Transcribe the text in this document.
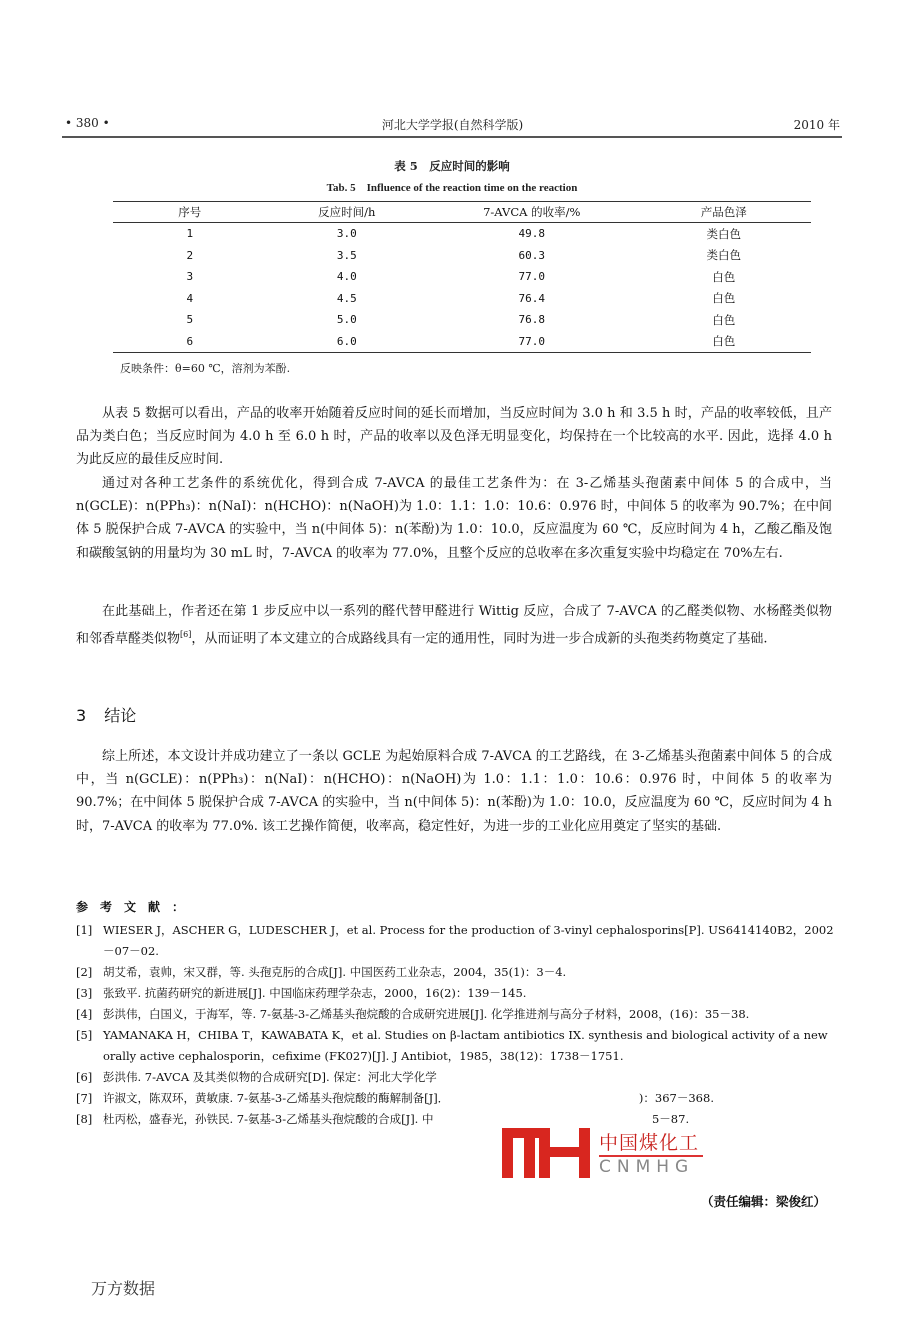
• 380 •	河北大学学报(自然科学版)	2010 年
表 5　反应时间的影响
Tab. 5　Influence of the reaction time on the reaction
序号	反应时间/h	7-AVCA 的收率/%	产品色泽
1	3.0	49.8	类白色
2	3.5	60.3	类白色
3	4.0	77.0	白色
4	4.5	76.4	白色
5	5.0	76.8	白色
6	6.0	77.0	白色
反映条件：θ=60 ℃，溶剂为苯酚.

从表 5 数据可以看出，产品的收率开始随着反应时间的延长而增加，当反应时间为 3.0 h 和 3.5 h 时，产品的收率较低，且产品为类白色；当反应时间为 4.0 h 至 6.0 h 时，产品的收率以及色泽无明显变化，均保持在一个比较高的水平. 因此，选择 4.0 h 为此反应的最佳反应时间.

通过对各种工艺条件的系统优化，得到合成 7-AVCA 的最佳工艺条件为：在 3-乙烯基头孢菌素中间体 5 的合成中，当 n(GCLE)：n(PPh₃)：n(NaI)：n(HCHO)：n(NaOH)为 1.0：1.1：1.0：10.6：0.976 时，中间体 5 的收率为 90.7%；在中间体 5 脱保护合成 7-AVCA 的实验中，当 n(中间体 5)：n(苯酚)为 1.0：10.0，反应温度为 60 ℃，反应时间为 4 h，乙酸乙酯及饱和碳酸氢钠的用量均为 30 mL 时，7-AVCA 的收率为 77.0%，且整个反应的总收率在多次重复实验中均稳定在 70%左右.

在此基础上，作者还在第 1 步反应中以一系列的醛代替甲醛进行 Wittig 反应，合成了 7-AVCA 的乙醛类似物、水杨醛类似物和邻香草醛类似物[6]，从而证明了本文建立的合成路线具有一定的通用性，同时为进一步合成新的头孢类药物奠定了基础.

3 结论

综上所述，本文设计并成功建立了一条以 GCLE 为起始原料合成 7-AVCA 的工艺路线，在 3-乙烯基头孢菌素中间体 5 的合成中，当 n(GCLE)：n(PPh₃)：n(NaI)：n(HCHO)：n(NaOH)为 1.0：1.1：1.0：10.6：0.976 时，中间体 5 的收率为 90.7%；在中间体 5 脱保护合成 7-AVCA 的实验中，当 n(中间体 5)：n(苯酚)为 1.0：10.0，反应温度为 60 ℃，反应时间为 4 h 时，7-AVCA 的收率为 77.0%. 该工艺操作简便，收率高，稳定性好，为进一步的工业化应用奠定了坚实的基础.

参考文献：
[1] WIESER J，ASCHER G，LUDESCHER J，et al. Process for the production of 3-vinyl cephalosporins[P]. US6414140B2，2002－07－02.
[2] 胡艾希，袁帅，宋又群，等. 头孢克肟的合成[J]. 中国医药工业杂志，2004，35(1)：3－4.
[3] 张致平. 抗菌药研究的新进展[J]. 中国临床药理学杂志，2000，16(2)：139－145.
[4] 彭洪伟，白国义，于海军，等. 7-氨基-3-乙烯基头孢烷酸的合成研究进展[J]. 化学推进剂与高分子材料，2008，(16)：35－38.
[5] YAMANAKA H，CHIBA T，KAWABATA K，et al. Studies on β-lactam antibiotics IX. synthesis and biological activity of a new orally active cephalosporin，cefixime (FK027)[J]. J Antibiot，1985，38(12)：1738－1751.
[6] 彭洪伟. 7-AVCA 及其类似物的合成研究[D]. 保定：河北大学化学
[7] 许淑文，陈双环，黄敏康. 7-氨基-3-乙烯基头孢烷酸的酶解制备[J]．　　　　　　　　　　　　　　　　　)：367－368.
[8] 杜丙松，盛春光，孙铁民. 7-氨基-3-乙烯基头孢烷酸的合成[J]. 中　　　　　　　　　　　　　　　　　　　5－87.
中国煤化工
CNMHG
（责任编辑：梁俊红）
万方数据
